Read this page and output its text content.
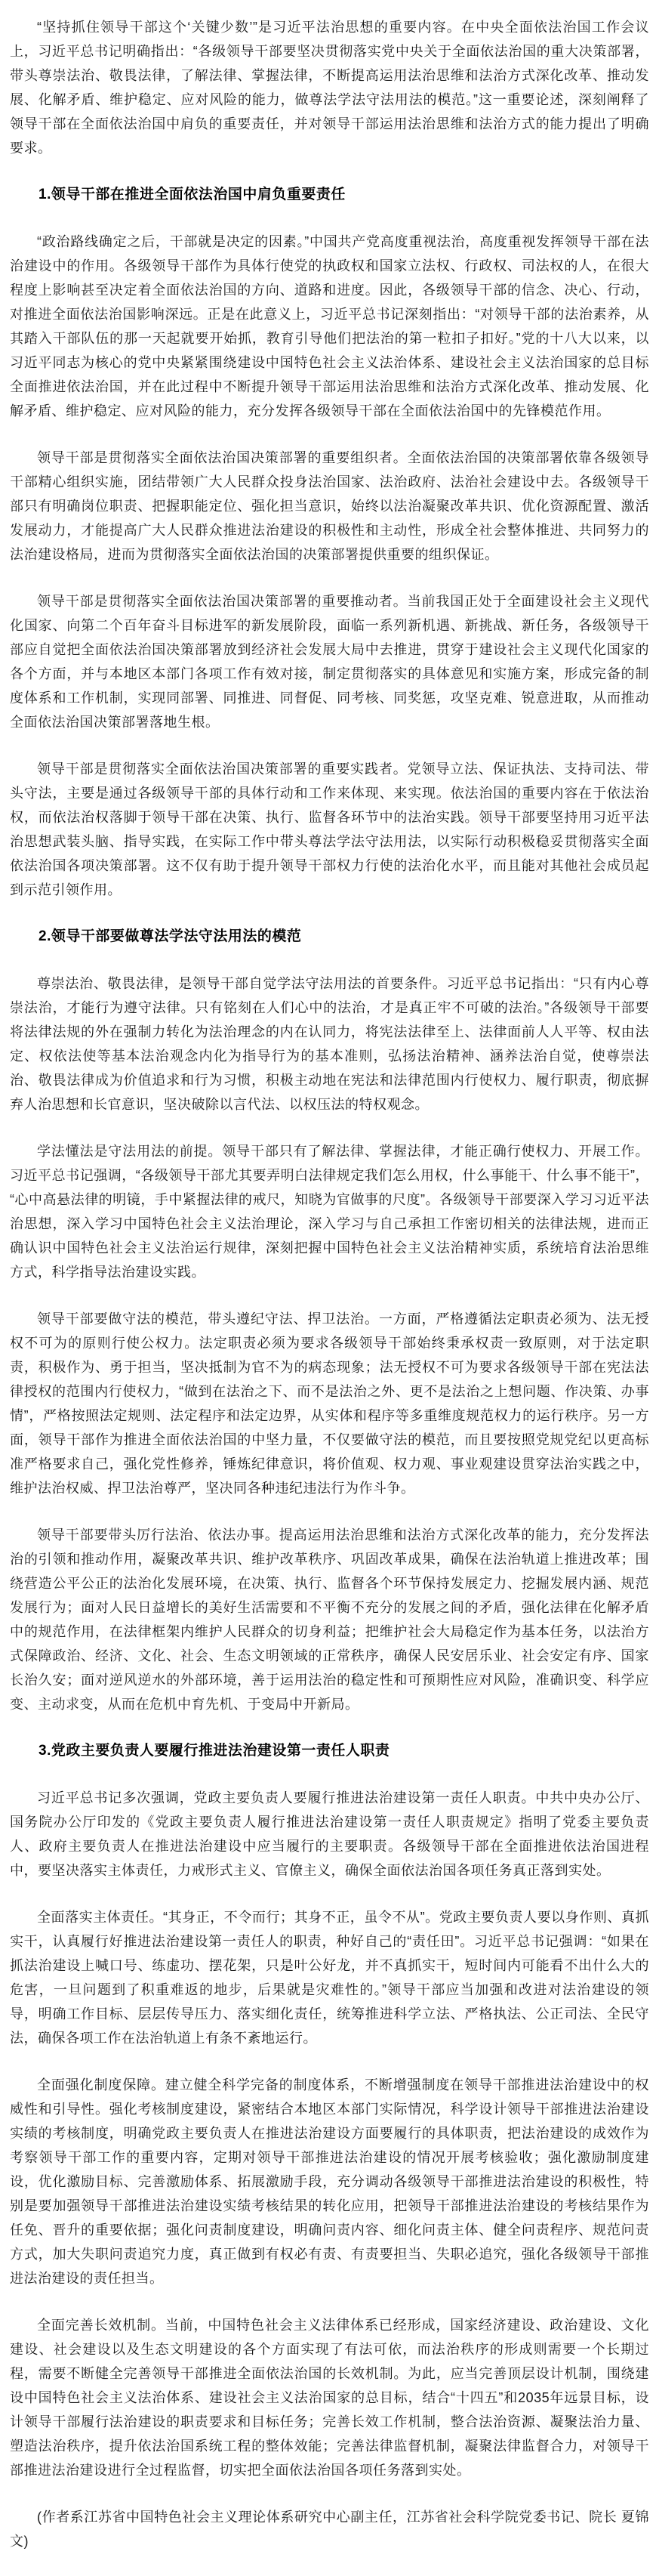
“坚持抓住领导干部这个‘关键少数’”是习近平法治思想的重要内容。在中央全面依法治国工作会议上，习近平总书记明确指出：“各级领导干部要坚决贯彻落实党中央关于全面依法治国的重大决策部署，带头尊崇法治、敬畏法律，了解法律、掌握法律，不断提高运用法治思维和法治方式深化改革、推动发展、化解矛盾、维护稳定、应对风险的能力，做尊法学法守法用法的模范。”这一重要论述，深刻阐释了领导干部在全面依法治国中肩负的重要责任，并对领导干部运用法治思维和法治方式的能力提出了明确要求。

1.领导干部在推进全面依法治国中肩负重要责任

“政治路线确定之后，干部就是决定的因素。”中国共产党高度重视法治，高度重视发挥领导干部在法治建设中的作用。各级领导干部作为具体行使党的执政权和国家立法权、行政权、司法权的人，在很大程度上影响甚至决定着全面依法治国的方向、道路和进度。因此，各级领导干部的信念、决心、行动，对推进全面依法治国影响深远。正是在此意义上，习近平总书记深刻指出：“对领导干部的法治素养，从其踏入干部队伍的那一天起就要开始抓，教育引导他们把法治的第一粒扣子扣好。”党的十八大以来，以习近平同志为核心的党中央紧紧围绕建设中国特色社会主义法治体系、建设社会主义法治国家的总目标全面推进依法治国，并在此过程中不断提升领导干部运用法治思维和法治方式深化改革、推动发展、化解矛盾、维护稳定、应对风险的能力，充分发挥各级领导干部在全面依法治国中的先锋模范作用。

领导干部是贯彻落实全面依法治国决策部署的重要组织者。全面依法治国的决策部署依靠各级领导干部精心组织实施，团结带领广大人民群众投身法治国家、法治政府、法治社会建设中去。各级领导干部只有明确岗位职责、把握职能定位、强化担当意识，始终以法治凝聚改革共识、优化资源配置、激活发展动力，才能提高广大人民群众推进法治建设的积极性和主动性，形成全社会整体推进、共同努力的法治建设格局，进而为贯彻落实全面依法治国的决策部署提供重要的组织保证。

领导干部是贯彻落实全面依法治国决策部署的重要推动者。当前我国正处于全面建设社会主义现代化国家、向第二个百年奋斗目标进军的新发展阶段，面临一系列新机遇、新挑战、新任务，各级领导干部应自觉把全面依法治国决策部署放到经济社会发展大局中去推进，贯穿于建设社会主义现代化国家的各个方面，并与本地区本部门各项工作有效对接，制定贯彻落实的具体意见和实施方案，形成完备的制度体系和工作机制，实现同部署、同推进、同督促、同考核、同奖惩，攻坚克难、锐意进取，从而推动全面依法治国决策部署落地生根。

领导干部是贯彻落实全面依法治国决策部署的重要实践者。党领导立法、保证执法、支持司法、带头守法，主要是通过各级领导干部的具体行动和工作来体现、来实现。依法治国的重要内容在于依法治权，而依法治权落脚于领导干部在决策、执行、监督各环节中的法治实践。领导干部要坚持用习近平法治思想武装头脑、指导实践，在实际工作中带头尊法学法守法用法，以实际行动积极稳妥贯彻落实全面依法治国各项决策部署。这不仅有助于提升领导干部权力行使的法治化水平，而且能对其他社会成员起到示范引领作用。

2.领导干部要做尊法学法守法用法的模范

尊崇法治、敬畏法律，是领导干部自觉学法守法用法的首要条件。习近平总书记指出：“只有内心尊崇法治，才能行为遵守法律。只有铭刻在人们心中的法治，才是真正牢不可破的法治。”各级领导干部要将法律法规的外在强制力转化为法治理念的内在认同力，将宪法法律至上、法律面前人人平等、权由法定、权依法使等基本法治观念内化为指导行为的基本准则，弘扬法治精神、涵养法治自觉，使尊崇法治、敬畏法律成为价值追求和行为习惯，积极主动地在宪法和法律范围内行使权力、履行职责，彻底摒弃人治思想和长官意识，坚决破除以言代法、以权压法的特权观念。

学法懂法是守法用法的前提。领导干部只有了解法律、掌握法律，才能正确行使权力、开展工作。习近平总书记强调，“各级领导干部尤其要弄明白法律规定我们怎么用权，什么事能干、什么事不能干”，“心中高悬法律的明镜，手中紧握法律的戒尺，知晓为官做事的尺度”。各级领导干部要深入学习习近平法治思想，深入学习中国特色社会主义法治理论，深入学习与自己承担工作密切相关的法律法规，进而正确认识中国特色社会主义法治运行规律，深刻把握中国特色社会主义法治精神实质，系统培育法治思维方式，科学指导法治建设实践。

领导干部要做守法的模范，带头遵纪守法、捍卫法治。一方面，严格遵循法定职责必须为、法无授权不可为的原则行使公权力。法定职责必须为要求各级领导干部始终秉承权责一致原则，对于法定职责，积极作为、勇于担当，坚决抵制为官不为的病态现象；法无授权不可为要求各级领导干部在宪法法律授权的范围内行使权力，“做到在法治之下、而不是法治之外、更不是法治之上想问题、作决策、办事情”，严格按照法定规则、法定程序和法定边界，从实体和程序等多重维度规范权力的运行秩序。另一方面，领导干部作为推进全面依法治国的中坚力量，不仅要做守法的模范，而且要按照党规党纪以更高标准严格要求自己，强化党性修养，锤炼纪律意识，将价值观、权力观、事业观建设贯穿法治实践之中，维护法治权威、捍卫法治尊严，坚决同各种违纪违法行为作斗争。

领导干部要带头厉行法治、依法办事。提高运用法治思维和法治方式深化改革的能力，充分发挥法治的引领和推动作用，凝聚改革共识、维护改革秩序、巩固改革成果，确保在法治轨道上推进改革；围绕营造公平公正的法治化发展环境，在决策、执行、监督各个环节保持发展定力、挖掘发展内涵、规范发展行为；面对人民日益增长的美好生活需要和不平衡不充分的发展之间的矛盾，强化法律在化解矛盾中的规范作用，在法律框架内维护人民群众的切身利益；把维护社会大局稳定作为基本任务，以法治方式保障政治、经济、文化、社会、生态文明领域的正常秩序，确保人民安居乐业、社会安定有序、国家长治久安；面对逆风逆水的外部环境，善于运用法治的稳定性和可预期性应对风险，准确识变、科学应变、主动求变，从而在危机中育先机、于变局中开新局。

3.党政主要负责人要履行推进法治建设第一责任人职责

习近平总书记多次强调，党政主要负责人要履行推进法治建设第一责任人职责。中共中央办公厅、国务院办公厅印发的《党政主要负责人履行推进法治建设第一责任人职责规定》指明了党委主要负责人、政府主要负责人在推进法治建设中应当履行的主要职责。各级领导干部在全面推进依法治国进程中，要坚决落实主体责任，力戒形式主义、官僚主义，确保全面依法治国各项任务真正落到实处。

全面落实主体责任。“其身正，不令而行；其身不正，虽令不从”。党政主要负责人要以身作则、真抓实干，认真履行好推进法治建设第一责任人的职责，种好自己的“责任田”。习近平总书记强调：“如果在抓法治建设上喊口号、练虚功、摆花架，只是叶公好龙，并不真抓实干，短时间内可能看不出什么大的危害，一旦问题到了积重难返的地步，后果就是灾难性的。”领导干部应当加强和改进对法治建设的领导，明确工作目标、层层传导压力、落实细化责任，统筹推进科学立法、严格执法、公正司法、全民守法，确保各项工作在法治轨道上有条不紊地运行。

全面强化制度保障。建立健全科学完备的制度体系，不断增强制度在领导干部推进法治建设中的权威性和引导性。强化考核制度建设，紧密结合本地区本部门实际情况，科学设计领导干部推进法治建设实绩的考核制度，明确党政主要负责人在推进法治建设方面要履行的具体职责，把法治建设的成效作为考察领导干部工作的重要内容，定期对领导干部推进法治建设的情况开展考核验收；强化激励制度建设，优化激励目标、完善激励体系、拓展激励手段，充分调动各级领导干部推进法治建设的积极性，特别是要加强领导干部推进法治建设实绩考核结果的转化应用，把领导干部推进法治建设的考核结果作为任免、晋升的重要依据；强化问责制度建设，明确问责内容、细化问责主体、健全问责程序、规范问责方式，加大失职问责追究力度，真正做到有权必有责、有责要担当、失职必追究，强化各级领导干部推进法治建设的责任担当。

全面完善长效机制。当前，中国特色社会主义法律体系已经形成，国家经济建设、政治建设、文化建设、社会建设以及生态文明建设的各个方面实现了有法可依，而法治秩序的形成则需要一个长期过程，需要不断健全完善领导干部推进全面依法治国的长效机制。为此，应当完善顶层设计机制，围绕建设中国特色社会主义法治体系、建设社会主义法治国家的总目标，结合“十四五”和2035年远景目标，设计领导干部履行法治建设的职责要求和目标任务；完善长效工作机制，整合法治资源、凝聚法治力量、塑造法治秩序，提升依法治国系统工程的整体效能；完善法律监督机制，凝聚法律监督合力，对领导干部推进法治建设进行全过程监督，切实把全面依法治国各项任务落到实处。

(作者系江苏省中国特色社会主义理论体系研究中心副主任，江苏省社会科学院党委书记、院长 夏锦文)
